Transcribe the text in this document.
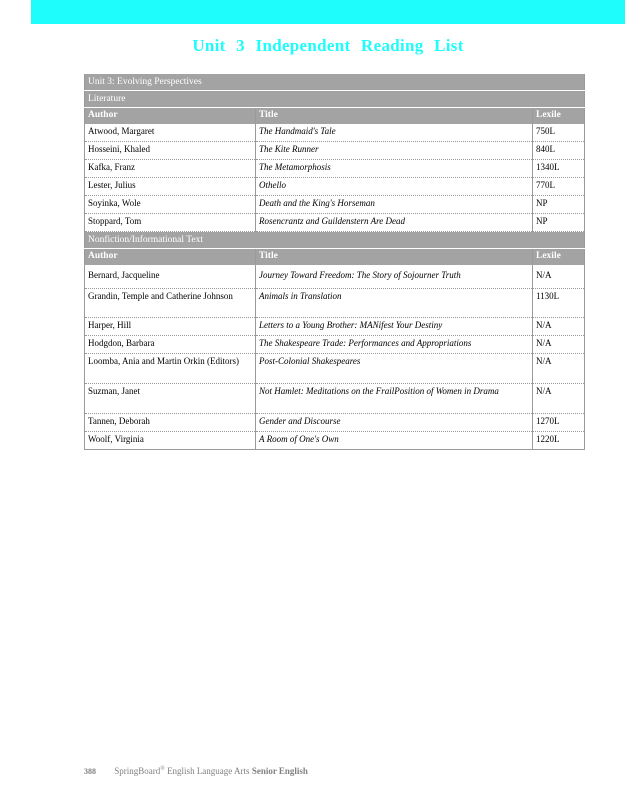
Unit 3 Independent Reading List
Unit 3: Evolving Perspectives		
Literature		
Author	Title	Lexile
Atwood, Margaret	The Handmaid's Tale	750L
Hosseini, Khaled	The Kite Runner	840L
Kafka, Franz	The Metamorphosis	1340L
Lester, Julius	Othello	770L
Soyinka, Wole	Death and the King's Horseman	NP
Stoppard, Tom	Rosencrantz and Guildenstern Are Dead	NP
Nonfiction/Informational Text		
Author	Title	Lexile
Bernard, Jacqueline	Journey Toward Freedom: The Story of Sojourner Truth	N/A
Grandin, Temple and Catherine Johnson	Animals in Translation	1130L
Harper, Hill	Letters to a Young Brother: MANifest Your Destiny	N/A
Hodgdon, Barbara	The Shakespeare Trade: Performances and Appropriations	N/A
Loomba, Ania and Martin Orkin (Editors)	Post-Colonial Shakespeares	N/A
Suzman, Janet	Not Hamlet: Meditations on the FrailPosition of Women in Drama	N/A
Tannen, Deborah	Gender and Discourse	1270L
Woolf, Virginia	A Room of One's Own	1220L
388 SpringBoard® English Language Arts Senior English
